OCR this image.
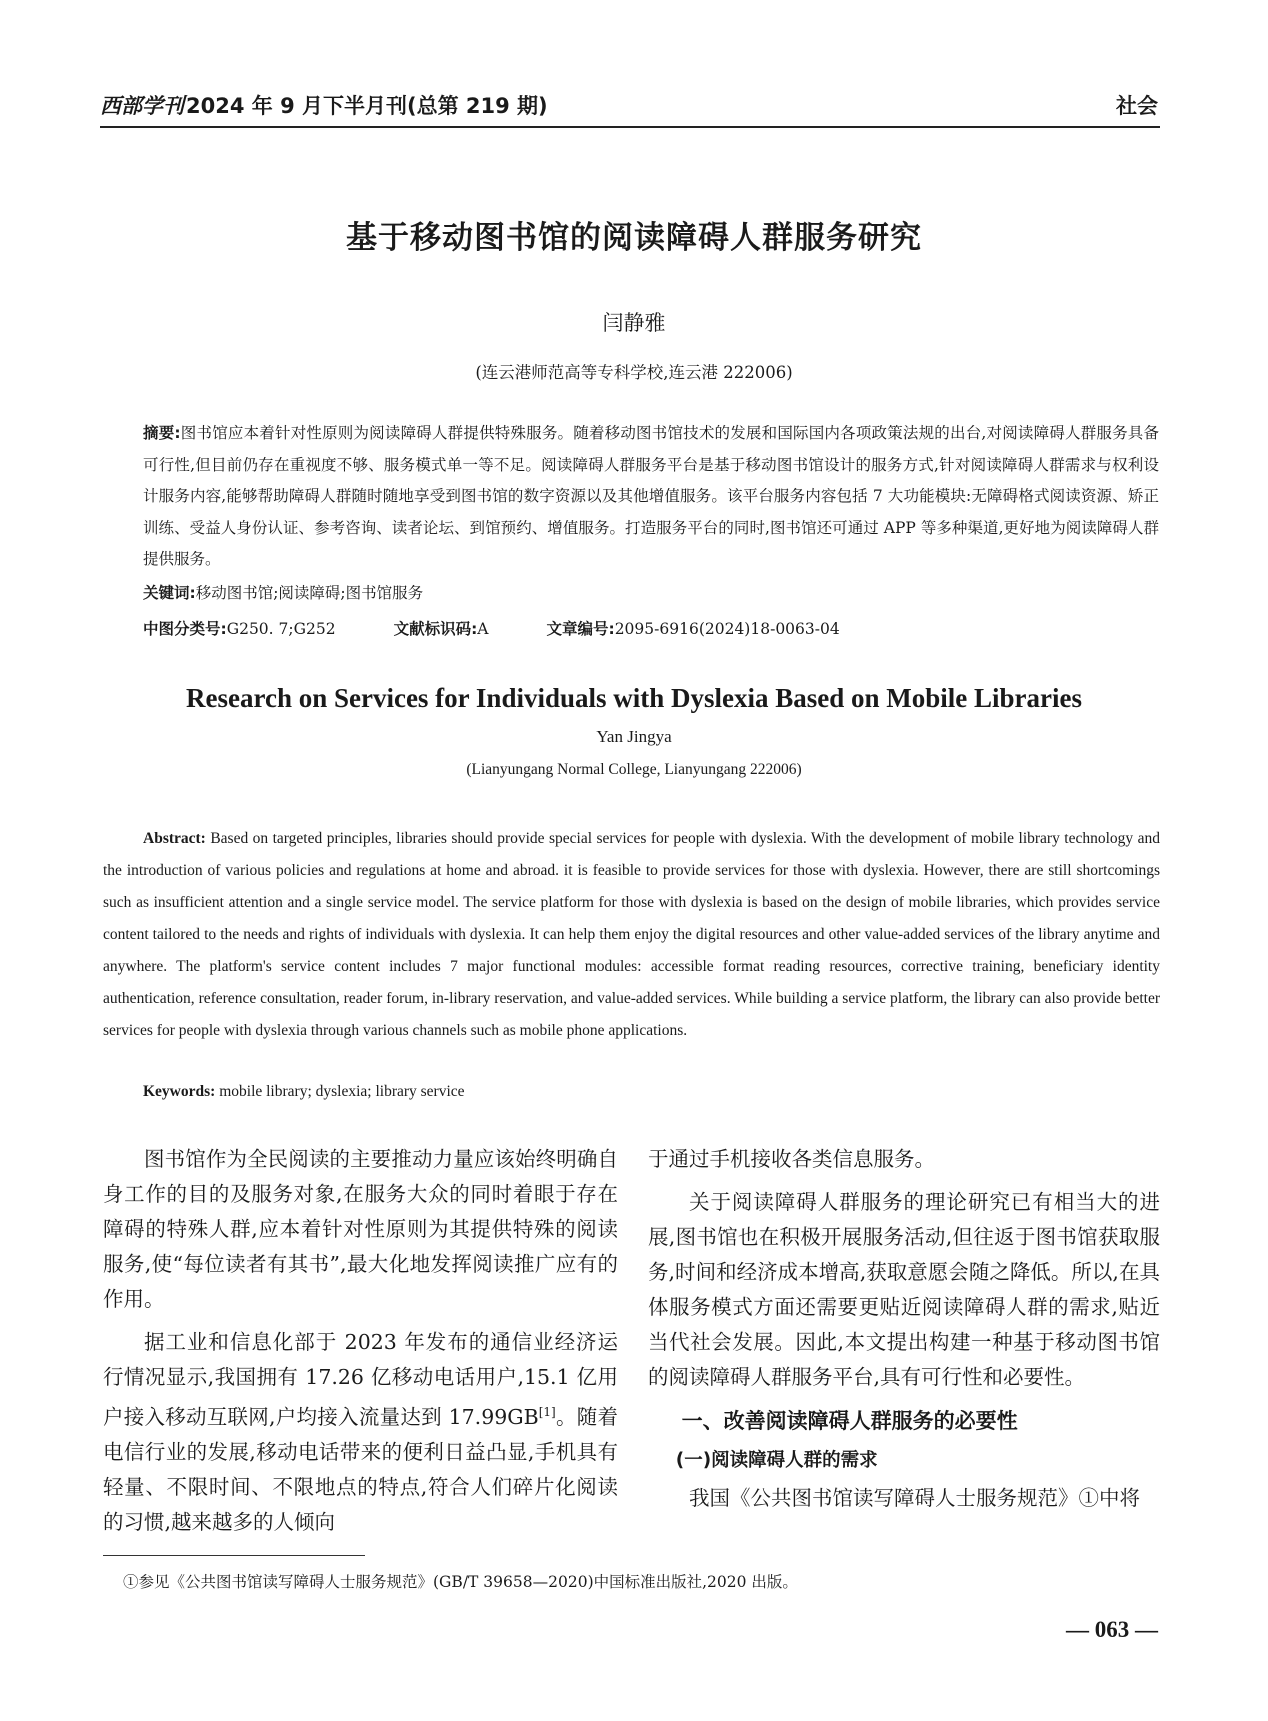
西部学刊2024 年 9 月下半月刊(总第 219 期)	社会
基于移动图书馆的阅读障碍人群服务研究
闫静雅
(连云港师范高等专科学校,连云港 222006)
摘要:图书馆应本着针对性原则为阅读障碍人群提供特殊服务。随着移动图书馆技术的发展和国际国内各项政策法规的出台,对阅读障碍人群服务具备可行性,但目前仍存在重视度不够、服务模式单一等不足。阅读障碍人群服务平台是基于移动图书馆设计的服务方式,针对阅读障碍人群需求与权利设计服务内容,能够帮助障碍人群随时随地享受到图书馆的数字资源以及其他增值服务。该平台服务内容包括 7 大功能模块:无障碍格式阅读资源、矫正训练、受益人身份认证、参考咨询、读者论坛、到馆预约、增值服务。打造服务平台的同时,图书馆还可通过 APP 等多种渠道,更好地为阅读障碍人群提供服务。
关键词:移动图书馆;阅读障碍;图书馆服务
中图分类号:G250. 7;G252	文献标识码:A	文章编号:2095-6916(2024)18-0063-04
Research on Services for Individuals with Dyslexia Based on Mobile Libraries
Yan Jingya
(Lianyungang Normal College, Lianyungang 222006)
Abstract: Based on targeted principles, libraries should provide special services for people with dyslexia. With the development of mobile library technology and the introduction of various policies and regulations at home and abroad. it is feasible to provide services for those with dyslexia. However, there are still shortcomings such as insufficient attention and a single service model. The service platform for those with dyslexia is based on the design of mobile libraries, which provides service content tailored to the needs and rights of individuals with dyslexia. It can help them enjoy the digital resources and other value-added services of the library anytime and anywhere. The platform's service content includes 7 major functional modules: accessible format reading resources, corrective training, beneficiary identity authentication, reference consultation, reader forum, in-library reservation, and value-added services. While building a service platform, the library can also provide better services for people with dyslexia through various channels such as mobile phone applications.
Keywords: mobile library; dyslexia; library service

图书馆作为全民阅读的主要推动力量应该始终明确自身工作的目的及服务对象,在服务大众的同时着眼于存在障碍的特殊人群,应本着针对性原则为其提供特殊的阅读服务,使“每位读者有其书”,最大化地发挥阅读推广应有的作用。

据工业和信息化部于 2023 年发布的通信业经济运行情况显示,我国拥有 17.26 亿移动电话用户,15.1 亿用户接入移动互联网,户均接入流量达到 17.99GB[1]。随着电信行业的发展,移动电话带来的便利日益凸显,手机具有轻量、不限时间、不限地点的特点,符合人们碎片化阅读的习惯,越来越多的人倾向

于通过手机接收各类信息服务。

关于阅读障碍人群服务的理论研究已有相当大的进展,图书馆也在积极开展服务活动,但往返于图书馆获取服务,时间和经济成本增高,获取意愿会随之降低。所以,在具体服务模式方面还需要更贴近阅读障碍人群的需求,贴近当代社会发展。因此,本文提出构建一种基于移动图书馆的阅读障碍人群服务平台,具有可行性和必要性。

一、改善阅读障碍人群服务的必要性
(一)阅读障碍人群的需求

我国《公共图书馆读写障碍人士服务规范》①中将

①参见《公共图书馆读写障碍人士服务规范》(GB/T 39658—2020)中国标准出版社,2020 出版。
— 063 —
